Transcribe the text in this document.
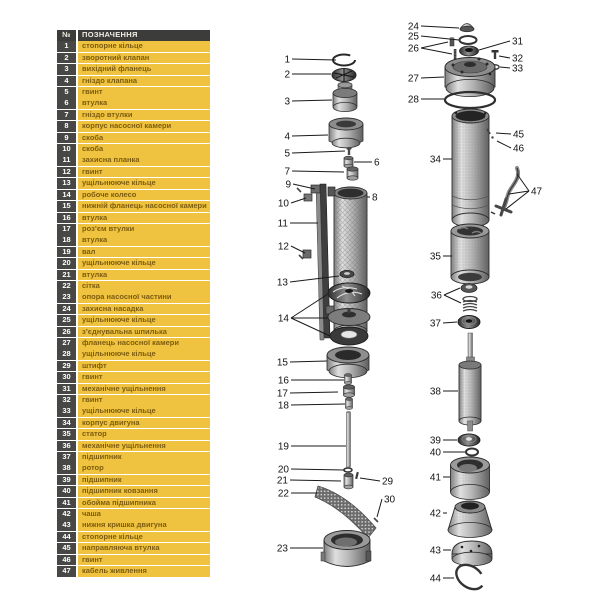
№	ПОЗНАЧЕННЯ
1	стопорне кільце
2	зворотний клапан
3	вихідний фланець
4	гніздо клапана
5	гвинт
6	втулка
7	гніздо втулки
8	корпус насосної камери
9	скоба
10	скоба
11	захисна планка
12	гвинт
13	ущільнююче кільце
14	робоче колесо
15	нижній фланець насосної камери
16	втулка
17	роз’єм втулки
18	втулка
19	вал
20	ущільнююче кільце
21	втулка
22	сітка
23	опора насосної частини
24	захисна насадка
25	ущільнююче кільце
26	з’єднувальна шпилька
27	фланець насосної камери
28	ущільнююче кільце
29	штифт
30	гвинт
31	механічне ущільнення
32	гвинт
33	ущільнююче кільце
34	корпус двигуна
35	статор
36	механічне ущільнення
37	підшипник
38	ротор
39	підшипник
40	підшипник ковзання
41	обойма підшипника
42	чаша
43	нижня кришка двигуна
44	стопорне кільце
45	направляюча втулка
46	гвинт
47	кабель живлення
1
2
3
4
5
6
7
8
9
10
11
12
13
14
15
16
17
18
19
20
21
22
23
24
25
26
27
28
29
30
31
32
33
34
35
36
37
38
39
40
41
42
43
44
45
46
47
